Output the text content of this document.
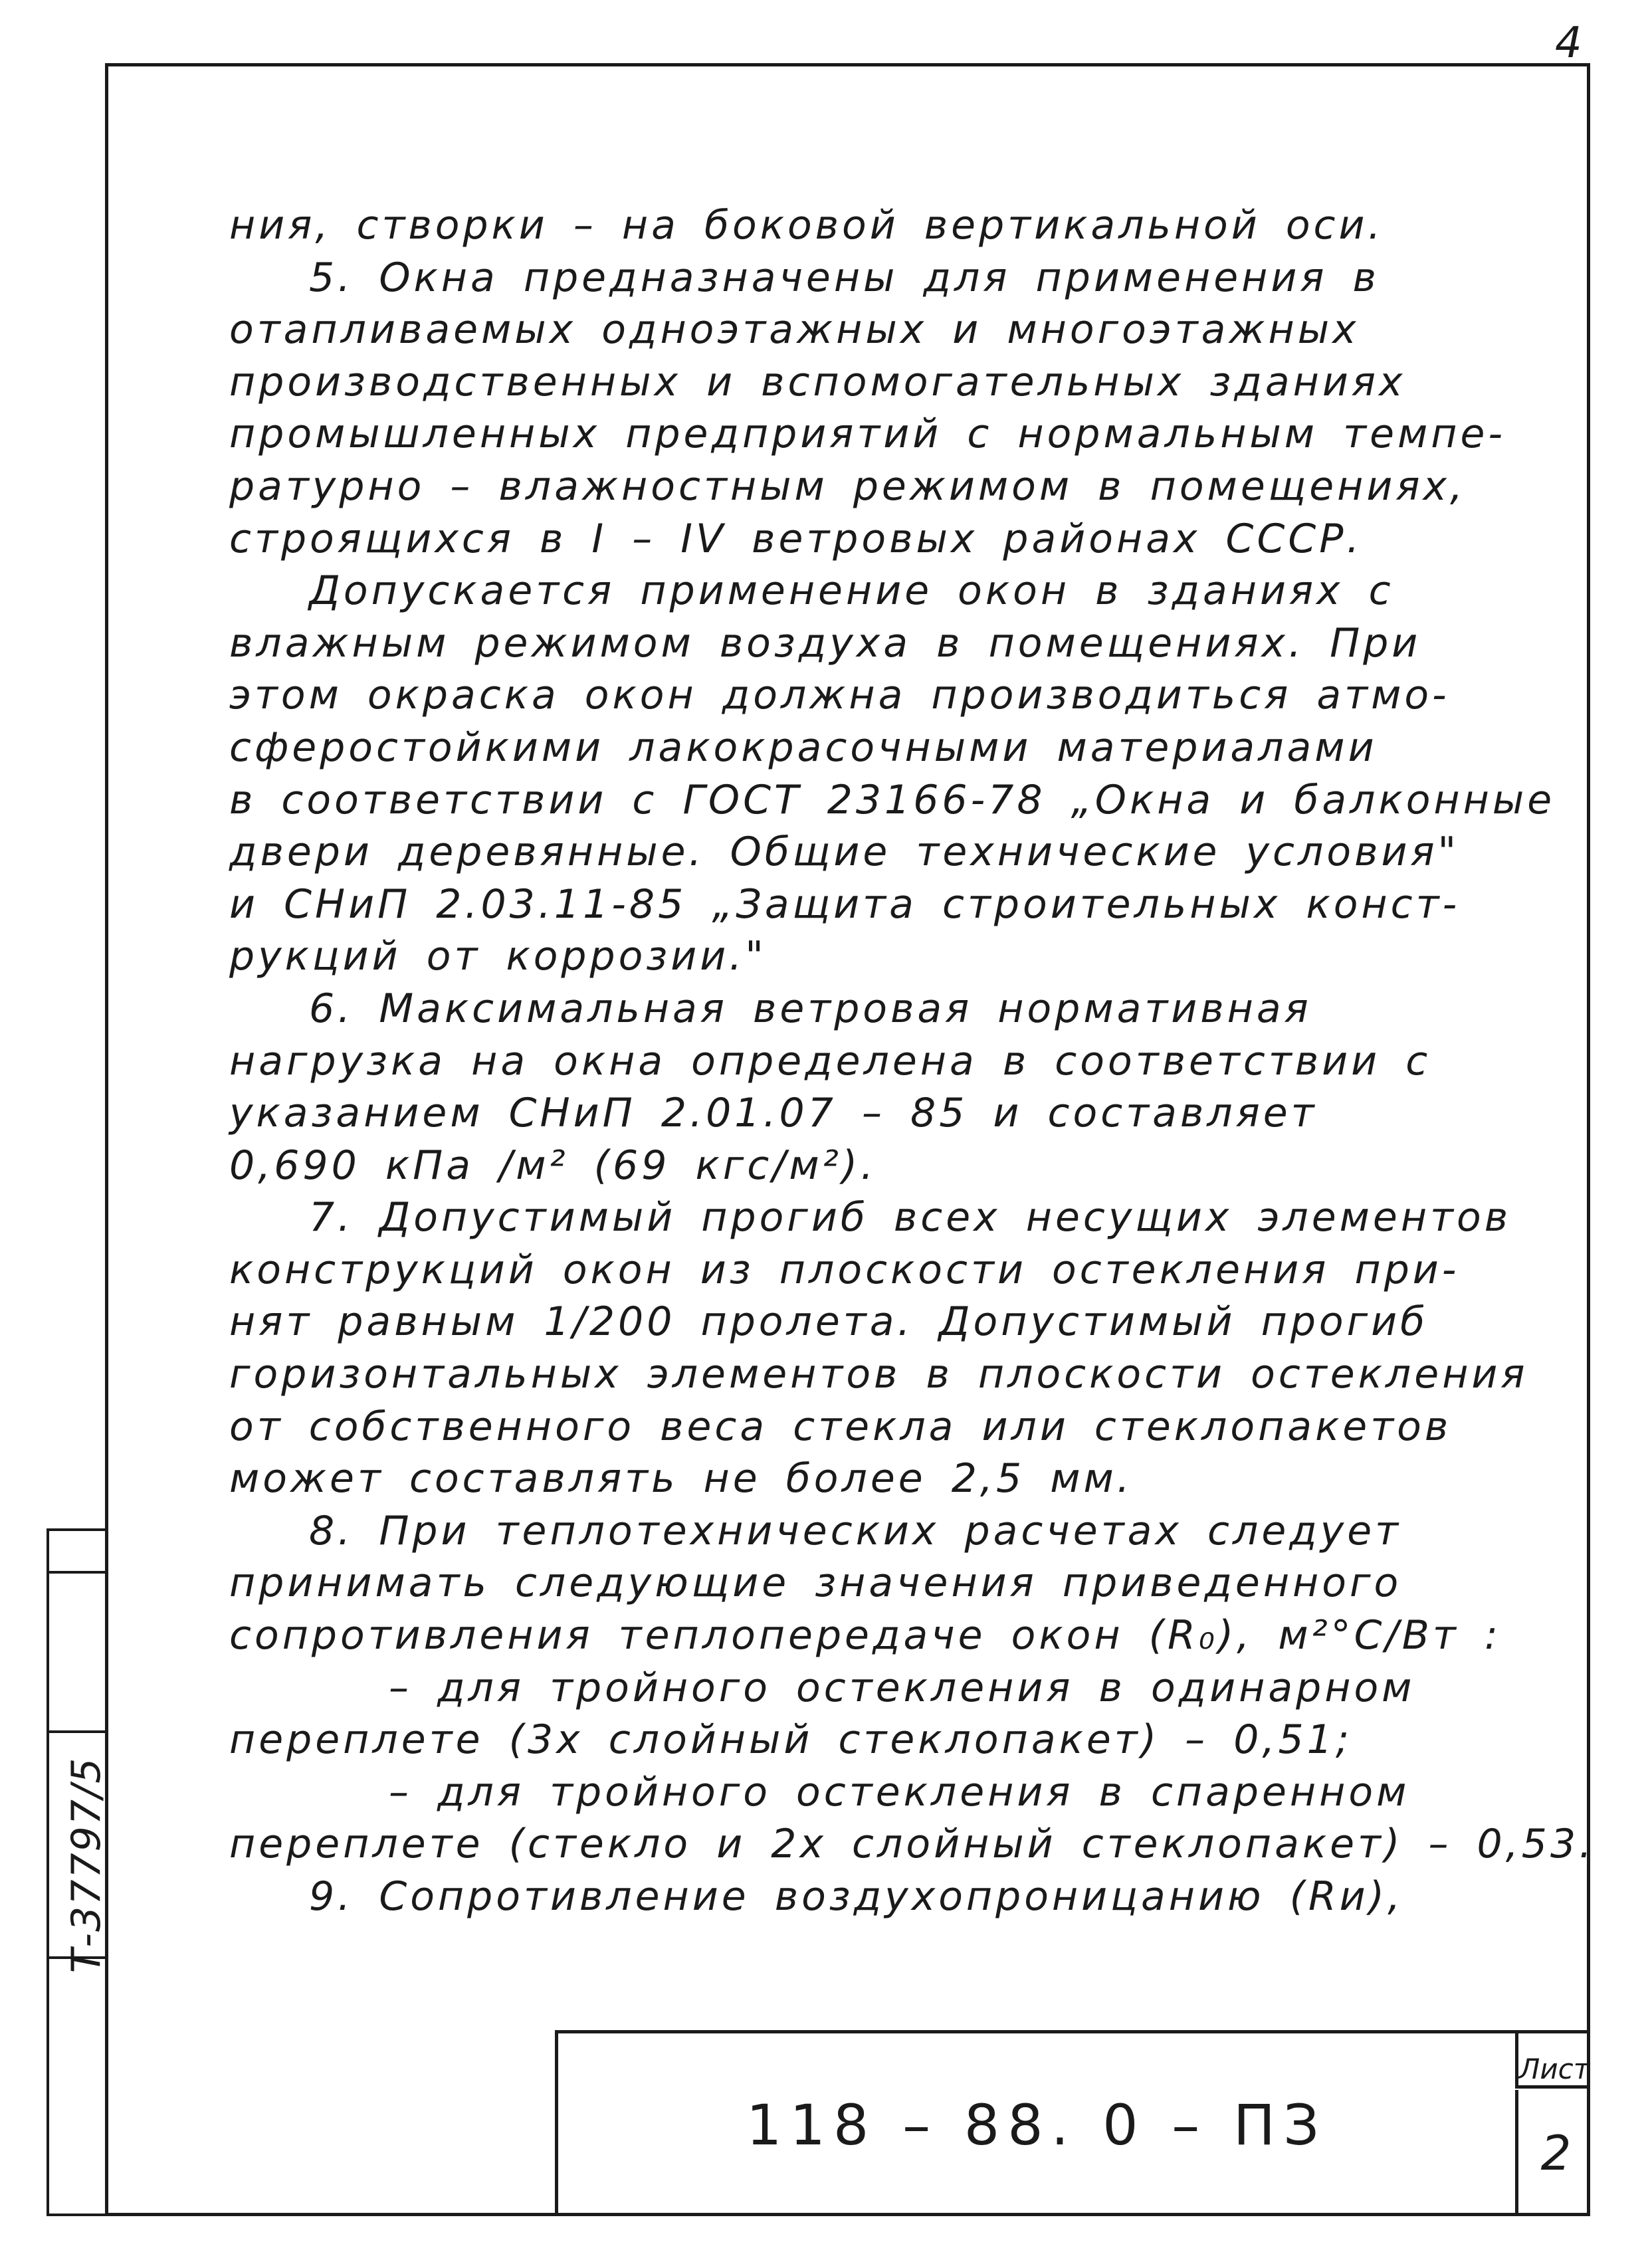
4
Т-37797/5
ния, створки – на боковой вертикальной оси.
5. Окна предназначены для применения в
отапливаемых одноэтажных и многоэтажных
производственных и вспомогательных зданиях
промышленных предприятий с нормальным темпе-
ратурно – влажностным режимом в помещениях,
строящихся в I – IV ветровых районах СССР.
Допускается применение окон в зданиях с
влажным режимом воздуха в помещениях. При
этом окраска окон должна производиться атмо-
сферостойкими лакокрасочными материалами
в соответствии с ГОСТ 23166-78 „Окна и балконные
двери деревянные. Общие технические условия"
и СНиП 2.03.11-85 „Защита строительных конст-
рукций от коррозии."
6. Максимальная ветровая нормативная
нагрузка на окна определена в соответствии с
указанием СНиП 2.01.07 – 85 и составляет
0,690 кПа /м² (69 кгс/м²).
7. Допустимый прогиб всех несущих элементов
конструкций окон из плоскости остекления при-
нят равным 1/200 пролета. Допустимый прогиб
горизонтальных элементов в плоскости остекления
от собственного веса стекла или стеклопакетов
может составлять не более 2,5 мм.
8. При теплотехнических расчетах следует
принимать следующие значения приведенного
сопротивления теплопередаче окон (R₀), м²°С/Вт :
– для тройного остекления в одинарном
переплете (3х слойный стеклопакет) – 0,51;
– для тройного остекления в спаренном
переплете (стекло и 2х слойный стеклопакет) – 0,53.
9. Сопротивление воздухопроницанию (Rи),
118 – 88. 0 – ПЗ
Лист
2
